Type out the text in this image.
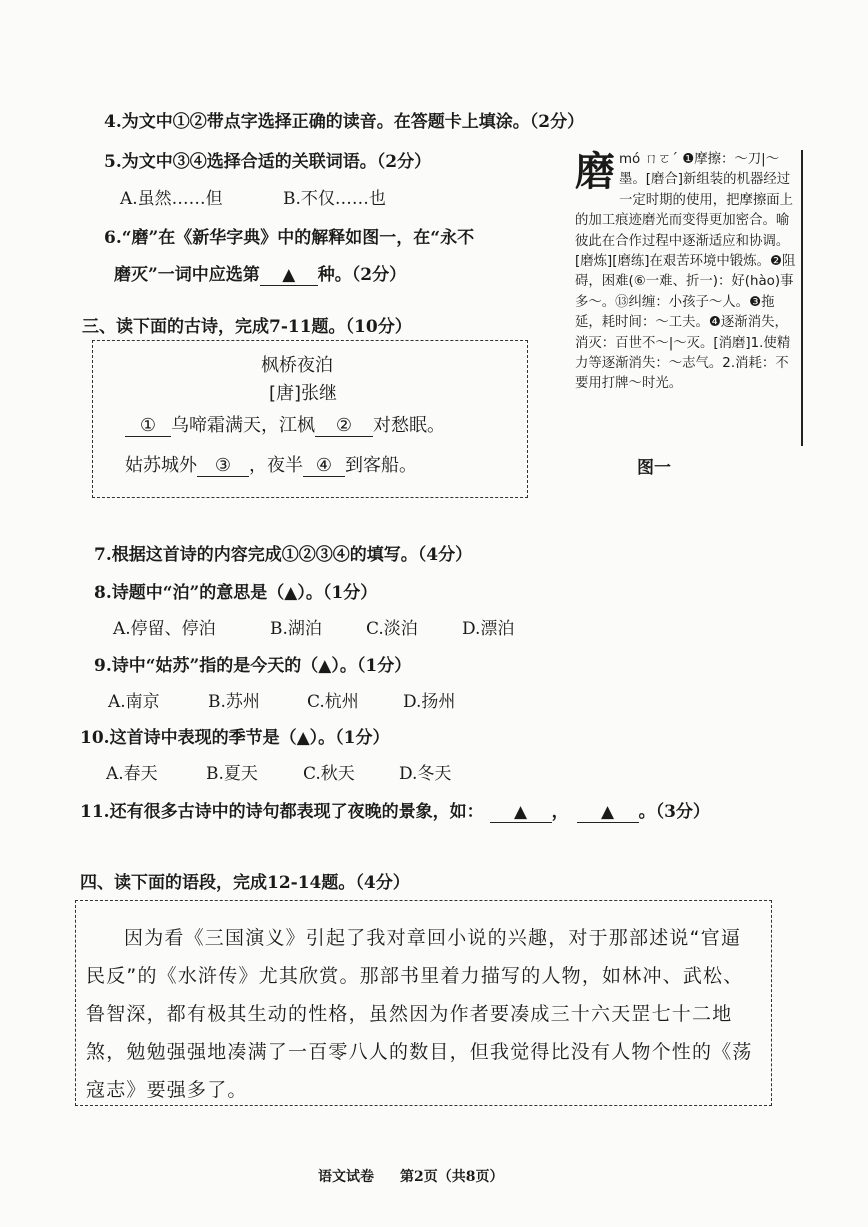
4.为文中①②带点字选择正确的读音。在答题卡上填涂。（2分）
5.为文中③④选择合适的关联词语。（2分）
A.虽然……但	B.不仅……也
6.“磨”在《新华字典》中的解释如图一，在“永不
磨灭”一词中应选第 ▲ 种。（2分）
三、读下面的古诗，完成7-11题。（10分）
枫桥夜泊
[唐]张继
① 乌啼霜满天，江枫 ② 对愁眠。
姑苏城外 ③ ，夜半 ④ 到客船。
磨mó ㄇㄛˊ ❶摩擦：～刀|～墨。[磨合]新组装的机器经过一定时期的使用，把摩擦面上的加工痕迹磨光而变得更加密合。喻彼此在合作过程中逐渐适应和协调。[磨炼][磨练]在艰苦环境中锻炼。❷阻碍，困难(⑥一难、折一)：好(hào)事多～。⑬纠缠：小孩子～人。❸拖延，耗时间：～工夫。❹逐渐消失，消灭：百世不～|～灭。[消磨]1.使精力等逐渐消失：～志气。2.消耗：不要用打牌～时光。
图一
7.根据这首诗的内容完成①②③④的填写。（4分）
8.诗题中“泊”的意思是（▲）。（1分）
A.停留、停泊	B.湖泊	C.淡泊	D.漂泊
9.诗中“姑苏”指的是今天的（▲）。（1分）
A.南京	B.苏州	C.杭州	D.扬州
10.这首诗中表现的季节是（▲）。（1分）
A.春天	B.夏天	C.秋天	D.冬天
11.还有很多古诗中的诗句都表现了夜晚的景象，如： ▲ ， ▲ 。（3分）
四、读下面的语段，完成12-14题。（4分）
因为看《三国演义》引起了我对章回小说的兴趣，对于那部述说“官逼民反”的《水浒传》尤其欣赏。那部书里着力描写的人物，如林冲、武松、鲁智深，都有极其生动的性格，虽然因为作者要凑成三十六天罡七十二地煞，勉勉强强地凑满了一百零八人的数目，但我觉得比没有人物个性的《荡寇志》要强多了。
语文试卷 第2页（共8页）
